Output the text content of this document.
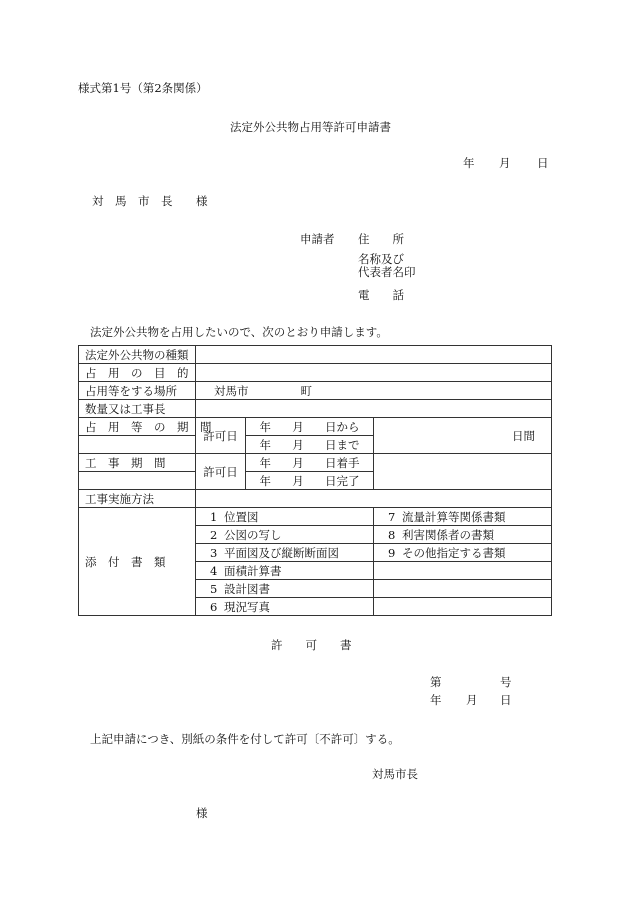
様式第1号（第2条関係）
法定外公共物占用等許可申請書
年 月 日
対　馬　市　長 様
申請者 住　　所
名称及び
代表者名印
電　　話
法定外公共物を占用したいので、次のとおり申請します。
法定外公共物の種類			
占　用　の　目　的			
占用等をする場所	対馬市 町		
数量又は工事長			
占　用　等　の　期　間	許可日	年 月 日から	日間

		年 月 日まで	

工　事　期　間	許可日	年 月 日着手	

		年 月 日完了	

工事実施方法			
添　付　書　類	1 位置図		7 流量計算等関係書類
	2 公図の写し		8 利害関係者の書類
	3 平面図及び縦断断面図		9 その他指定する書類
	4 面積計算書		
	5 設計図書		
	6 現況写真		
許　　可　　書
第	号
年 月 日
上記申請につき、別紙の条件を付して許可〔不許可〕する。
対馬市長
様
